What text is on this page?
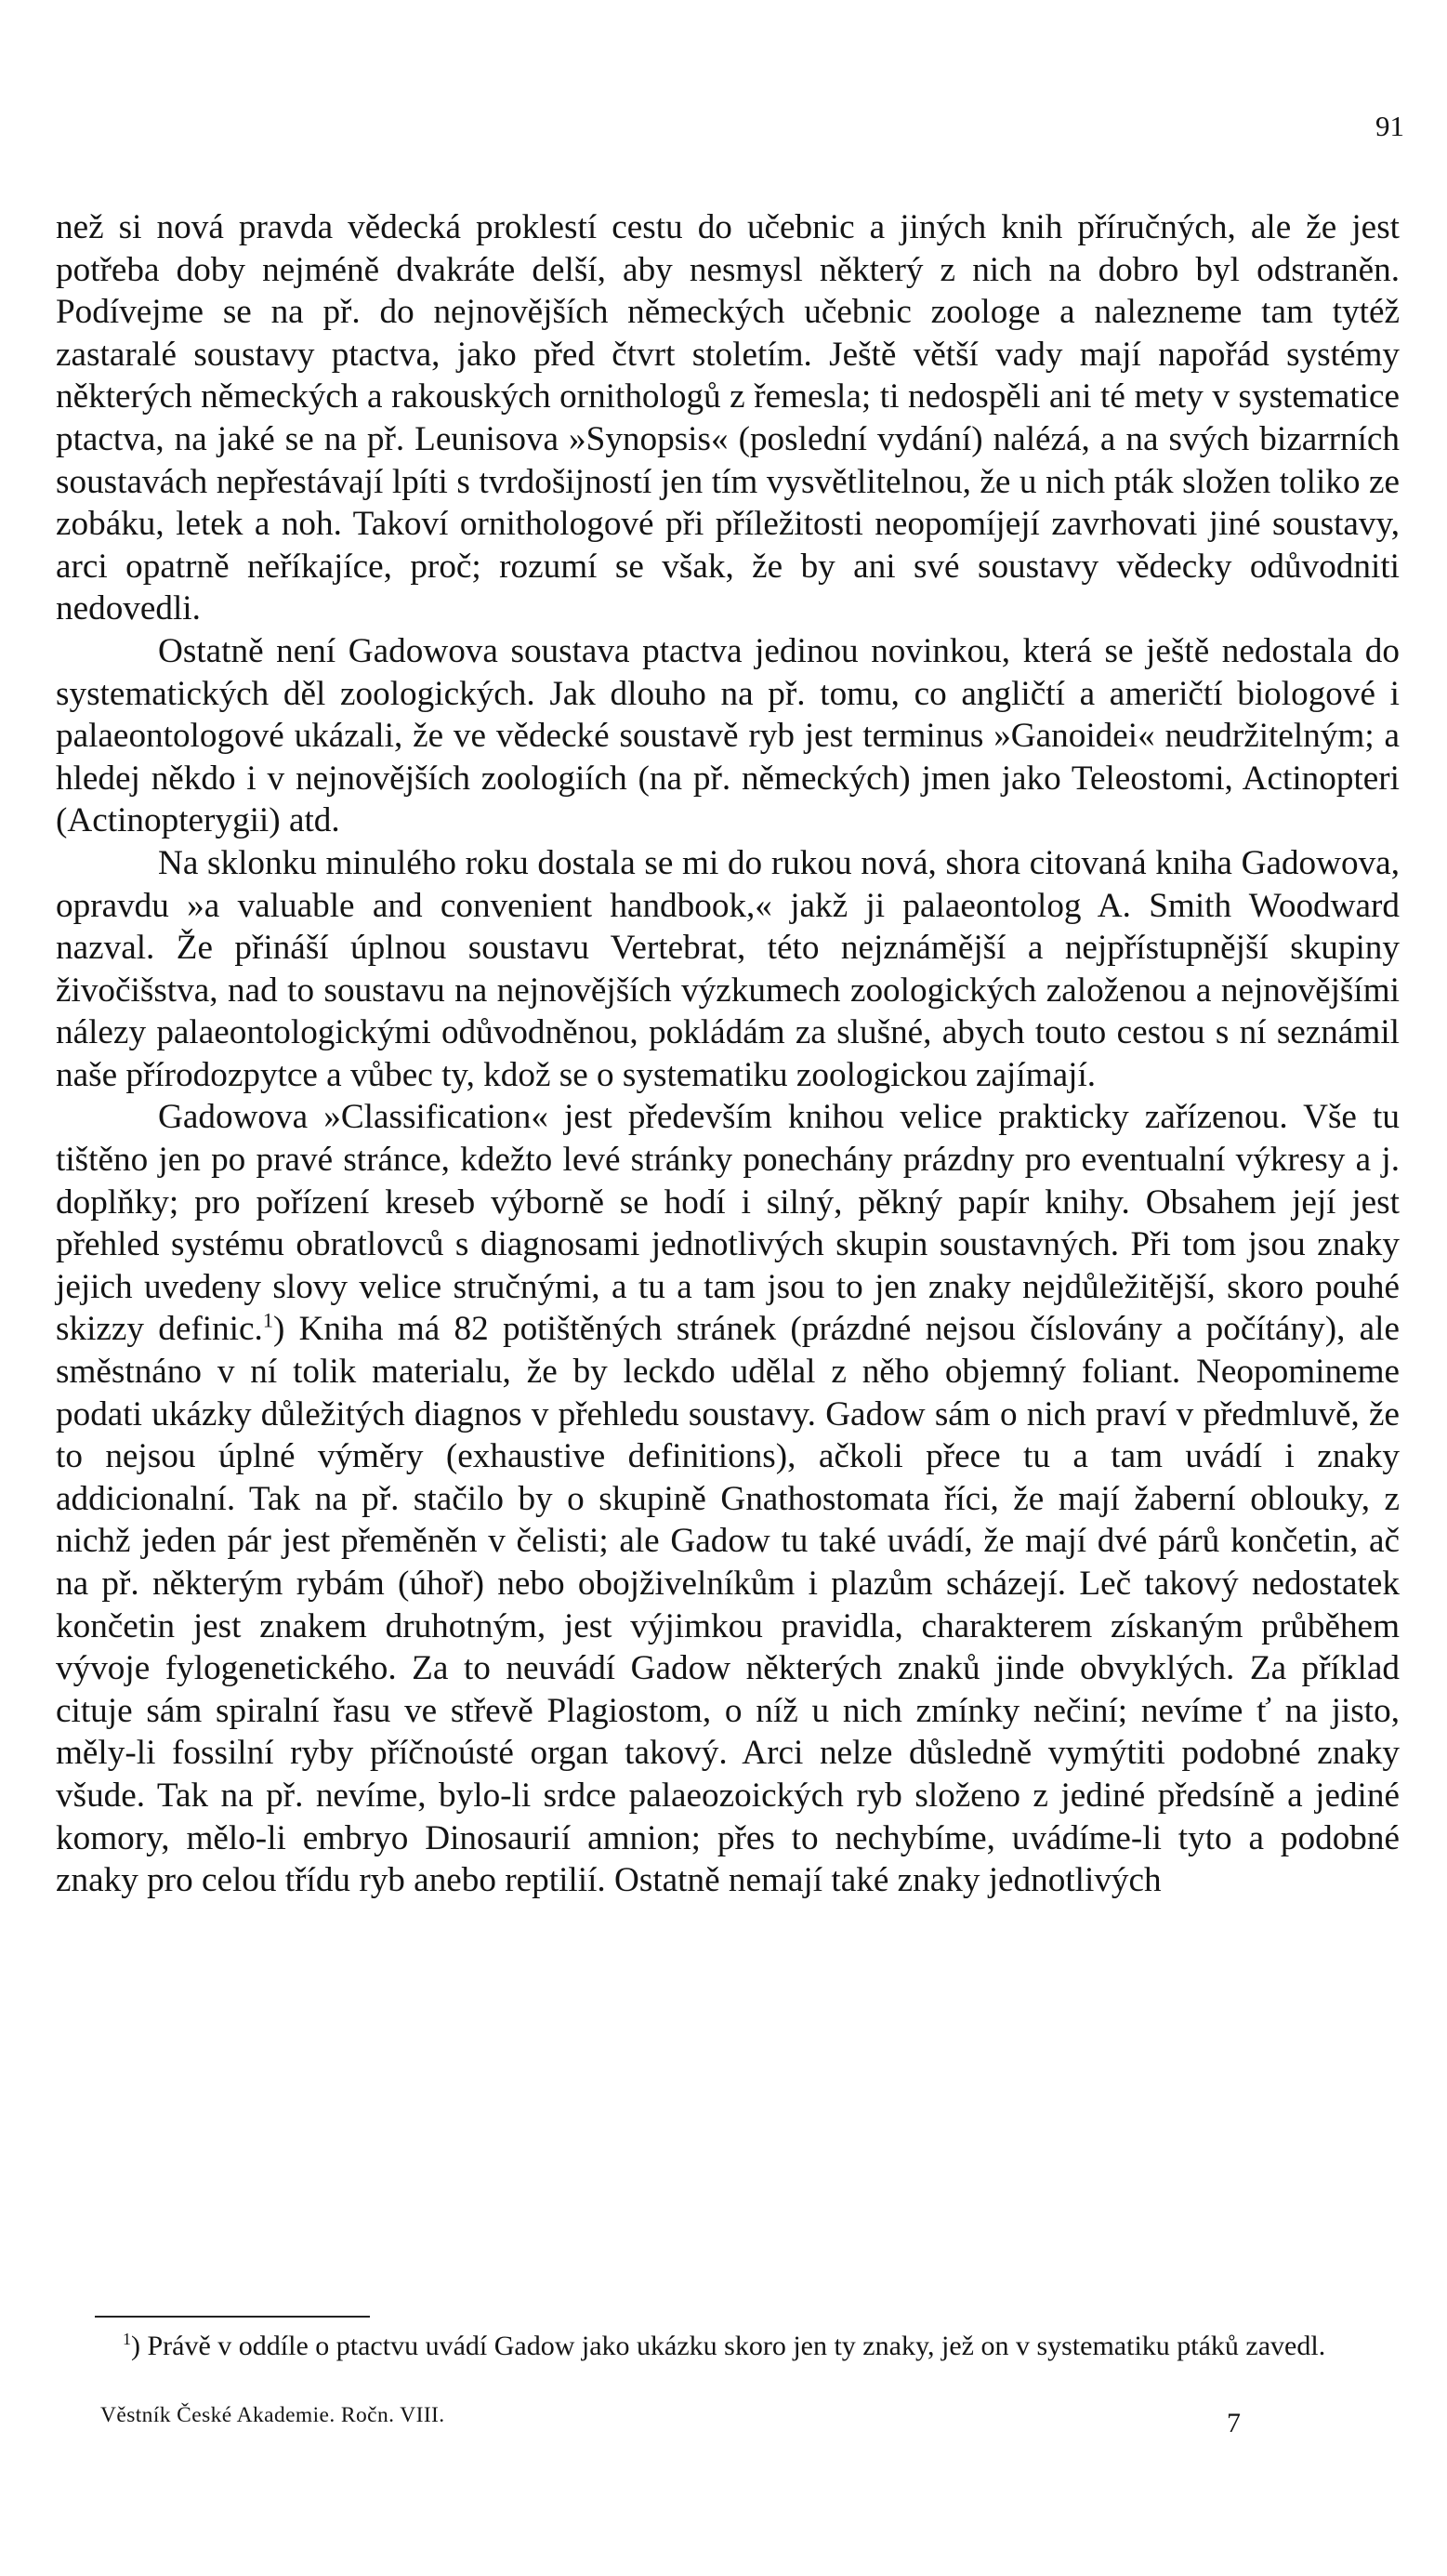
91

než si nová pravda vědecká proklestí cestu do učebnic a jiných knih příručných, ale že jest potřeba doby nejméně dvakráte delší, aby nesmysl některý z nich na dobro byl odstraněn. Podívejme se na př. do nejnovějších německých učebnic zoologe a nalezneme tam tytéž zastaralé soustavy ptactva, jako před čtvrt stoletím. Ještě větší vady mají napořád systémy některých německých a rakouských ornithologů z řemesla; ti nedospěli ani té mety v systematice ptactva, na jaké se na př. Leunisova »Synopsis« (poslední vydání) nalézá, a na svých bizarrních soustavách nepřestávají lpíti s tvrdošijností jen tím vysvětlitelnou, že u nich pták složen toliko ze zobáku, letek a noh. Takoví ornithologové při příležitosti neopomíjejí zavrhovati jiné soustavy, arci opatrně neříkajíce, proč; rozumí se však, že by ani své soustavy vědecky odůvodniti nedovedli.

Ostatně není Gadowova soustava ptactva jedinou novinkou, která se ještě nedostala do systematických děl zoologických. Jak dlouho na př. tomu, co angličtí a američtí biologové i palaeontologové ukázali, že ve vědecké soustavě ryb jest terminus »Ganoidei« neudržitelným; a hledej někdo i v nejnovějších zoologiích (na př. německých) jmen jako Teleostomi, Actinopteri (Actinopterygii) atd.

Na sklonku minulého roku dostala se mi do rukou nová, shora citovaná kniha Gadowova, opravdu »a valuable and convenient handbook,« jakž ji palaeontolog A. Smith Woodward nazval. Že přináší úplnou soustavu Vertebrat, této nejznámější a nejpřístupnější skupiny živočišstva, nad to soustavu na nejnovějších výzkumech zoologických založenou a nejnovějšími nálezy palaeontologickými odůvodněnou, pokládám za slušné, abych touto cestou s ní seznámil naše přírodozpytce a vůbec ty, kdož se o systematiku zoologickou zajímají.

Gadowova »Classification« jest především knihou velice prakticky zařízenou. Vše tu tištěno jen po pravé stránce, kdežto levé stránky ponechány prázdny pro eventualní výkresy a j. doplňky; pro pořízení kreseb výborně se hodí i silný, pěkný papír knihy. Obsahem její jest přehled systému obratlovců s diagnosami jednotlivých skupin soustavných. Při tom jsou znaky jejich uvedeny slovy velice stručnými, a tu a tam jsou to jen znaky nejdůležitější, skoro pouhé skizzy definic.$^1$) Kniha má 82 potištěných stránek (prázdné nejsou číslovány a počítány), ale směstnáno v ní tolik materialu, že by leckdo udělal z něho objemný foliant. Neopomineme podati ukázky důležitých diagnos v přehledu soustavy. Gadow sám o nich praví v předmluvě, že to nejsou úplné výměry (exhaustive definitions), ačkoli přece tu a tam uvádí i znaky addicionalní. Tak na př. stačilo by o skupině Gnathostomata říci, že mají žaberní oblouky, z nichž jeden pár jest přeměněn v čelisti; ale Gadow tu také uvádí, že mají dvé párů končetin, ač na př. některým rybám (úhoř) nebo obojživelníkům i plazům scházejí. Leč takový nedostatek končetin jest znakem druhotným, jest výjimkou pravidla, charakterem získaným průběhem vývoje fylogenetického. Za to neuvádí Gadow některých znaků jinde obvyklých. Za příklad cituje sám spiralní řasu ve střevě Plagiostom, o níž u nich zmínky nečiní; nevíme ť na jisto, měly-li fossilní ryby příčnoústé organ takový. Arci nelze důsledně vymýtiti podobné znaky všude. Tak na př. nevíme, bylo-li srdce palaeozoických ryb složeno z jediné předsíně a jediné komory, mělo-li embryo Dinosaurií amnion; přes to nechybíme, uvádíme-li tyto a podobné znaky pro celou třídu ryb anebo reptilií. Ostatně nemají také znaky jednotlivých

$^1$) Právě v oddíle o ptactvu uvádí Gadow jako ukázku skoro jen ty znaky, jež on v systematiku ptáků zavedl.
Věstník České Akademie. Ročn. VIII.	7
